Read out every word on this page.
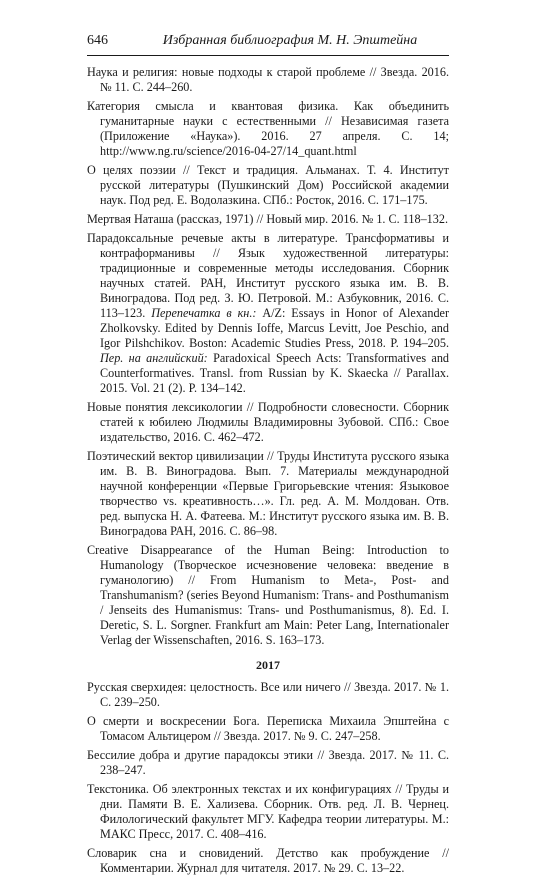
646	Избранная библиография М. Н. Эпштейна

Наука и религия: новые подходы к старой проблеме // Звезда. 2016. № 11. С. 244–260.

Категория смысла и квантовая физика. Как объединить гуманитарные науки с естественными // Независимая газета (Приложение «Наука»). 2016. 27 апреля. С. 14; http://www.ng.ru/science/2016-04-27/14_quant.html

О целях поэзии // Текст и традиция. Альманах. Т. 4. Институт русской литературы (Пушкинский Дом) Российской академии наук. Под ред. Е. Водолазкина. СПб.: Росток, 2016. С. 171–175.

Мертвая Наташа (рассказ, 1971) // Новый мир. 2016. № 1. С. 118–132.

Парадоксальные речевые акты в литературе. Трансформативы и контраформанивы // Язык художественной литературы: традиционные и современные методы исследования. Сборник научных статей. РАН, Институт русского языка им. В. В. Виноградова. Под ред. З. Ю. Петровой. М.: Азбуковник, 2016. С. 113–123. Перепечатка в кн.: A/Z: Essays in Honor of Alexander Zholkovsky. Edited by Dennis Ioffe, Marcus Levitt, Joe Peschio, and Igor Pilshchikov. Boston: Academic Studies Press, 2018. P. 194–205. Пер. на английский: Paradoxical Speech Acts: Transformatives and Counterformatives. Transl. from Russian by K. Skaecka // Parallax. 2015. Vol. 21 (2). P. 134–142.

Новые понятия лексикологии // Подробности словесности. Сборник статей к юбилею Людмилы Владимировны Зубовой. СПб.: Свое издательство, 2016. С. 462–472.

Поэтический вектор цивилизации // Труды Института русского языка им. В. В. Виноградова. Вып. 7. Материалы международной научной конференции «Первые Григорьевские чтения: Языковое творчество vs. креативность…». Гл. ред. А. М. Молдован. Отв. ред. выпуска Н. А. Фатеева. М.: Институт русского языка им. В. В. Виноградова РАН, 2016. С. 86–98.

Creative Disappearance of the Human Being: Introduction to Humanology (Творческое исчезновение человека: введение в гуманологию) // From Humanism to Meta-, Post- and Transhumanism? (series Beyond Humanism: Trans- and Posthumanism / Jenseits des Humanismus: Trans- und Posthumanismus, 8). Ed. I. Deretic, S. L. Sorgner. Frankfurt am Main: Peter Lang, Internationaler Verlag der Wissenschaften, 2016. S. 163–173.

2017

Русская сверхидея: целостность. Все или ничего // Звезда. 2017. № 1. С. 239–250.

О смерти и воскресении Бога. Переписка Михаила Эпштейна с Томасом Альтицером // Звезда. 2017. № 9. С. 247–258.

Бессилие добра и другие парадоксы этики // Звезда. 2017. № 11. С. 238–247.

Текстоника. Об электронных текстах и их конфигурациях // Труды и дни. Памяти В. Е. Хализева. Сборник. Отв. ред. Л. В. Чернец. Филологический факультет МГУ. Кафедра теории литературы. М.: МАКС Пресс, 2017. С. 408–416.

Словарик сна и сновидений. Детство как пробуждение // Комментарии. Журнал для читателя. 2017. № 29. С. 13–22.
